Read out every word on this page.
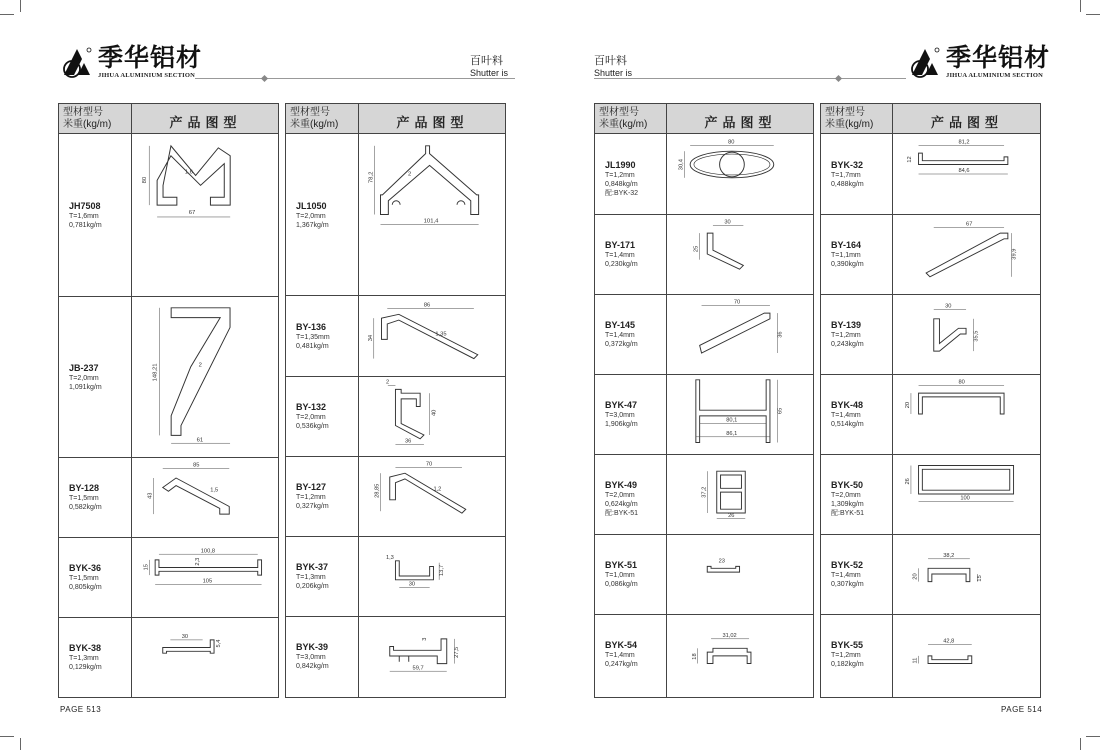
季华铝材
JIHUA ALUMINIUM SECTION
百叶料
Shutter is
百叶料
Shutter is
季华铝材
JIHUA ALUMINIUM SECTION
型材型号
米重(kg/m)	产品图型
JH7508
T=1,6mm
0,781kg/m
80
67
1,6
JB-237
T=2,0mm
1,091kg/m
148,21
61
2
BY-128
T=1,5mm
0,582kg/m
85
43
1,5
BYK-36
T=1,5mm
0,805kg/m
100,8
2,3
15
105
BYK-38
T=1,3mm
0,129kg/m
30
5,4
型材型号
米重(kg/m)	产品图型
JL1050
T=2,0mm
1,367kg/m
78,2
101,4
2
BY-136
T=1,35mm
0,481kg/m
86
34
1,35
BY-132
T=2,0mm
0,536kg/m
2
40
36
BY-127
T=1,2mm
0,327kg/m
70
28,85	1,2
BYK-37
T=1,3mm
0,206kg/m
1,3
13,7
30
BYK-39
T=3,0mm
0,842kg/m
3
27,5
59,7
型材型号
米重(kg/m)	产品图型
JL1990
T=1,2mm
0,848kg/m
配:BYK-32
80
30,4
BY-171
T=1,4mm
0,230kg/m
30
25
BY-145
T=1,4mm
0,372kg/m
70
36
BYK-47
T=3,0mm
1,906kg/m
65
80,1
86,1
BYK-49
T=2,0mm
0,624kg/m
配:BYK-51
37,2
26
BYK-51
T=1,0mm
0,086kg/m
23
BYK-54
T=1,4mm
0,247kg/m
31,02
18
型材型号
米重(kg/m)	产品图型
BYK-32
T=1,7mm
0,488kg/m
81,2
12
84,6
BY-164
T=1,1mm
0,390kg/m
67
39,9
BY-139
T=1,2mm
0,243kg/m
30
35,5
BYK-48
T=1,4mm
0,514kg/m
80
20
BYK-50
T=2,0mm
1,309kg/m
配:BYK-51
26
100
BYK-52
T=1,4mm
0,307kg/m
38,2
20	15
BYK-55
T=1,2mm
0,182kg/m
42,8
11
PAGE 513	PAGE 514
